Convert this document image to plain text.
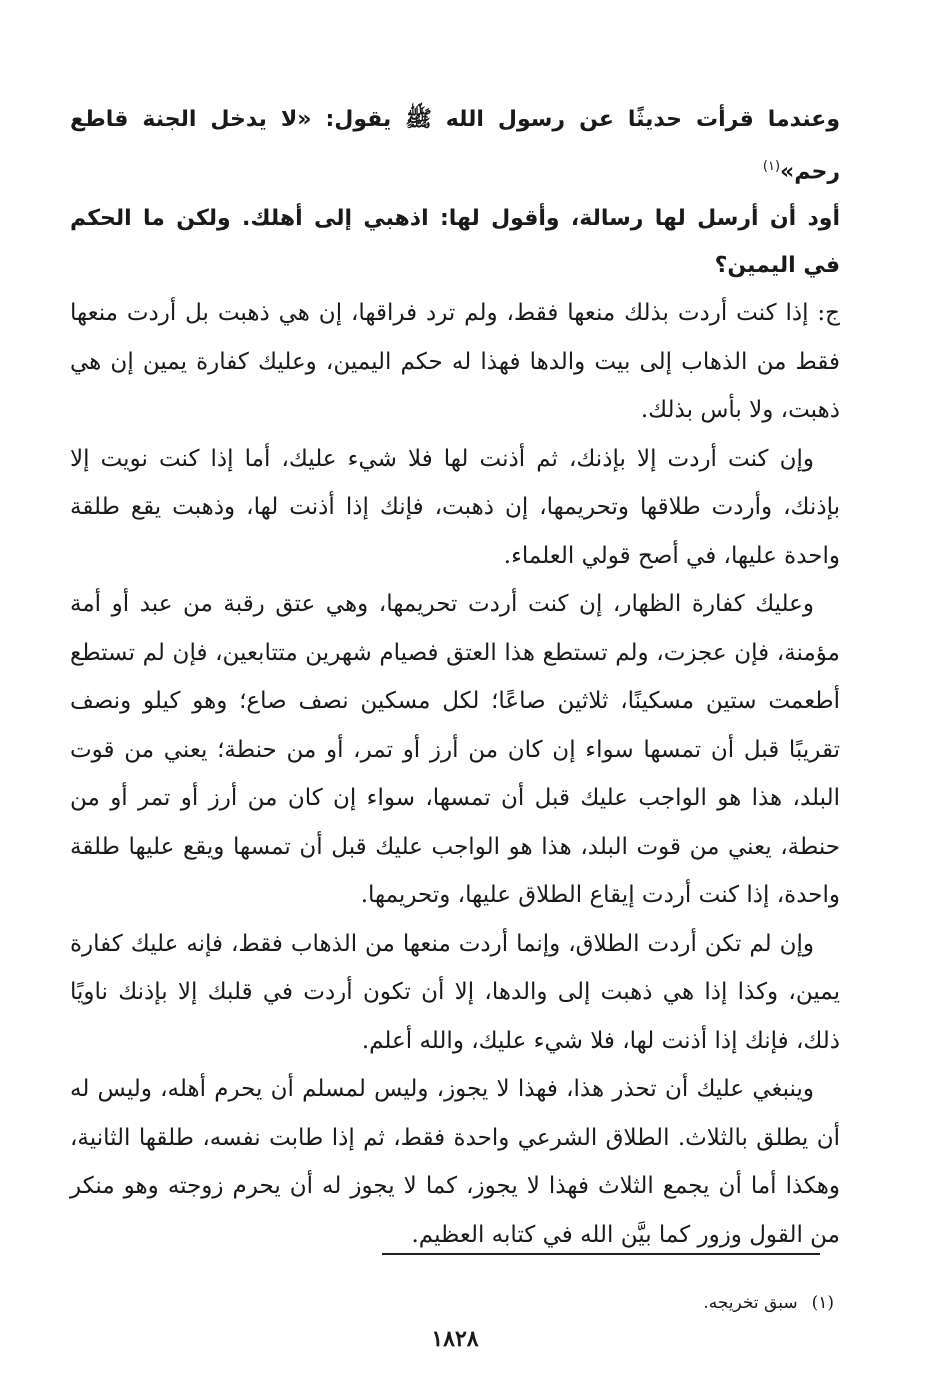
وعندما قرأت حديثًا عن رسول الله ﷺ يقول: «لا يدخل الجنة قاطع رحم»$^{(١)}$

أود أن أرسل لها رسالة، وأقول لها: اذهبي إلى أهلك. ولكن ما الحكم في اليمين؟

ج: إذا كنت أردت بذلك منعها فقط، ولم ترد فراقها، إن هي ذهبت بل أردت منعها فقط من الذهاب إلى بيت والدها فهذا له حكم اليمين، وعليك كفارة يمين إن هي ذهبت، ولا بأس بذلك.

وإن كنت أردت إلا بإذنك، ثم أذنت لها فلا شيء عليك، أما إذا كنت نويت إلا بإذنك، وأردت طلاقها وتحريمها، إن ذهبت، فإنك إذا أذنت لها، وذهبت يقع طلقة واحدة عليها، في أصح قولي العلماء.

وعليك كفارة الظهار، إن كنت أردت تحريمها، وهي عتق رقبة من عبد أو أمة مؤمنة، فإن عجزت، ولم تستطع هذا العتق فصيام شهرين متتابعين، فإن لم تستطع أطعمت ستين مسكينًا، ثلاثين صاعًا؛ لكل مسكين نصف صاع؛ وهو كيلو ونصف تقريبًا قبل أن تمسها سواء إن كان من أرز أو تمر، أو من حنطة؛ يعني من قوت البلد، هذا هو الواجب عليك قبل أن تمسها، سواء إن كان من أرز أو تمر أو من حنطة، يعني من قوت البلد، هذا هو الواجب عليك قبل أن تمسها ويقع عليها طلقة واحدة، إذا كنت أردت إيقاع الطلاق عليها، وتحريمها.

وإن لم تكن أردت الطلاق، وإنما أردت منعها من الذهاب فقط، فإنه عليك كفارة يمين، وكذا إذا هي ذهبت إلى والدها، إلا أن تكون أردت في قلبك إلا بإذنك ناويًا ذلك، فإنك إذا أذنت لها، فلا شيء عليك، والله أعلم.

وينبغي عليك أن تحذر هذا، فهذا لا يجوز، وليس لمسلم أن يحرم أهله، وليس له أن يطلق بالثلاث. الطلاق الشرعي واحدة فقط، ثم إذا طابت نفسه، طلقها الثانية، وهكذا أما أن يجمع الثلاث فهذا لا يجوز، كما لا يجوز له أن يحرم زوجته وهو منكر من القول وزور كما بيَّن الله في كتابه العظيم.

(١)سبق تخريجه.
١٨٢٨
